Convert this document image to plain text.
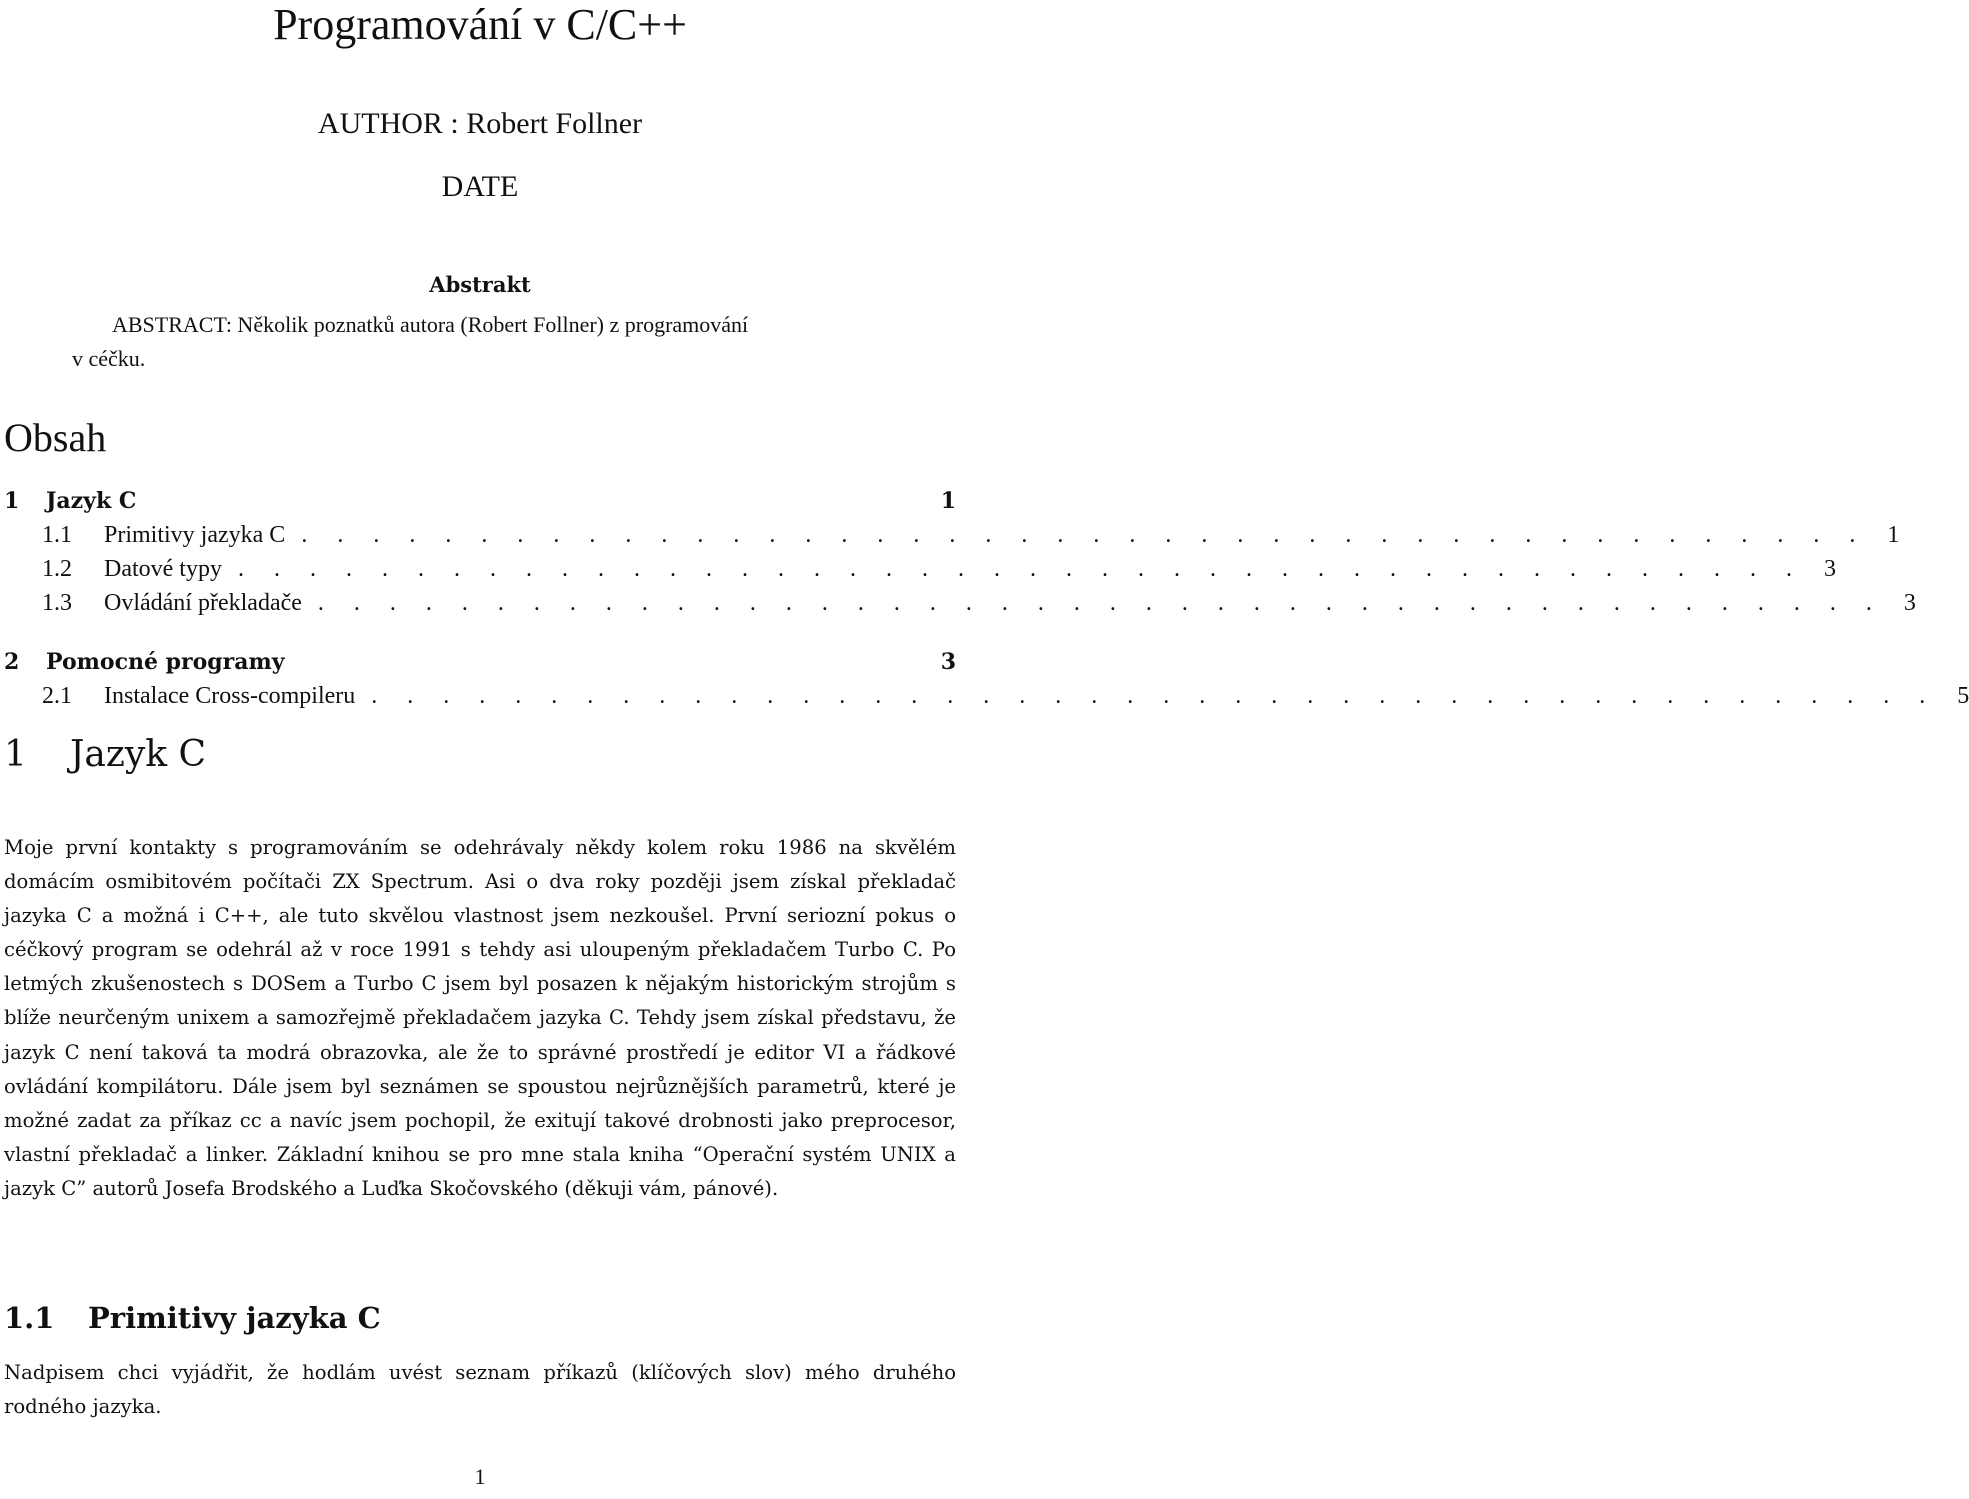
Programování v C/C++
AUTHOR : Robert Follner
DATE
Abstrakt
ABSTRACT: Několik poznatků autora (Robert Follner) z programování
v céčku.
Obsah
1	Jazyk C	1
1.1	Primitivy jazyka C . . . . . . . . . . . . . . . . . . . . . . . . . . . . . . . . . . . . . . . . . . . . 1
1.2	Datové typy . . . . . . . . . . . . . . . . . . . . . . . . . . . . . . . . . . . . . . . . . . . . 3
1.3	Ovládání překladače . . . . . . . . . . . . . . . . . . . . . . . . . . . . . . . . . . . . . . . . . . . . 3
2	Pomocné programy	3
2.1	Instalace Cross-compileru . . . . . . . . . . . . . . . . . . . . . . . . . . . . . . . . . . . . . . . . . . . . 5
1 Jazyk C
Moje první kontakty s programováním se odehrávaly někdy kolem roku 1986 na skvělém domácím osmibitovém počítači ZX Spectrum. Asi o dva roky později jsem získal překladač jazyka C a možná i C++, ale tuto skvělou vlastnost jsem nezkoušel. První seriozní pokus o céčkový program se odehrál až v roce 1991 s tehdy asi uloupeným překladačem Turbo C. Po letmých zkušenostech s DOSem a Turbo C jsem byl posazen k nějakým historickým strojům s blíže neurčeným unixem a samozřejmě překladačem jazyka C. Tehdy jsem získal představu, že jazyk C není taková ta modrá obrazovka, ale že to správné prostředí je editor VI a řádkové ovládání kompilátoru. Dále jsem byl seznámen se spoustou nejrůznějších parametrů, které je možné zadat za příkaz cc a navíc jsem pochopil, že exitují takové drobnosti jako preprocesor, vlastní překladač a linker. Základní knihou se pro mne stala kniha “Operační systém UNIX a jazyk C” autorů Josefa Brodského a Luďka Skočovského (děkuji vám, pánové).
1.1 Primitivy jazyka C
Nadpisem chci vyjádřit, že hodlám uvést seznam příkazů (klíčových slov) mého druhého rodného jazyka.
1
